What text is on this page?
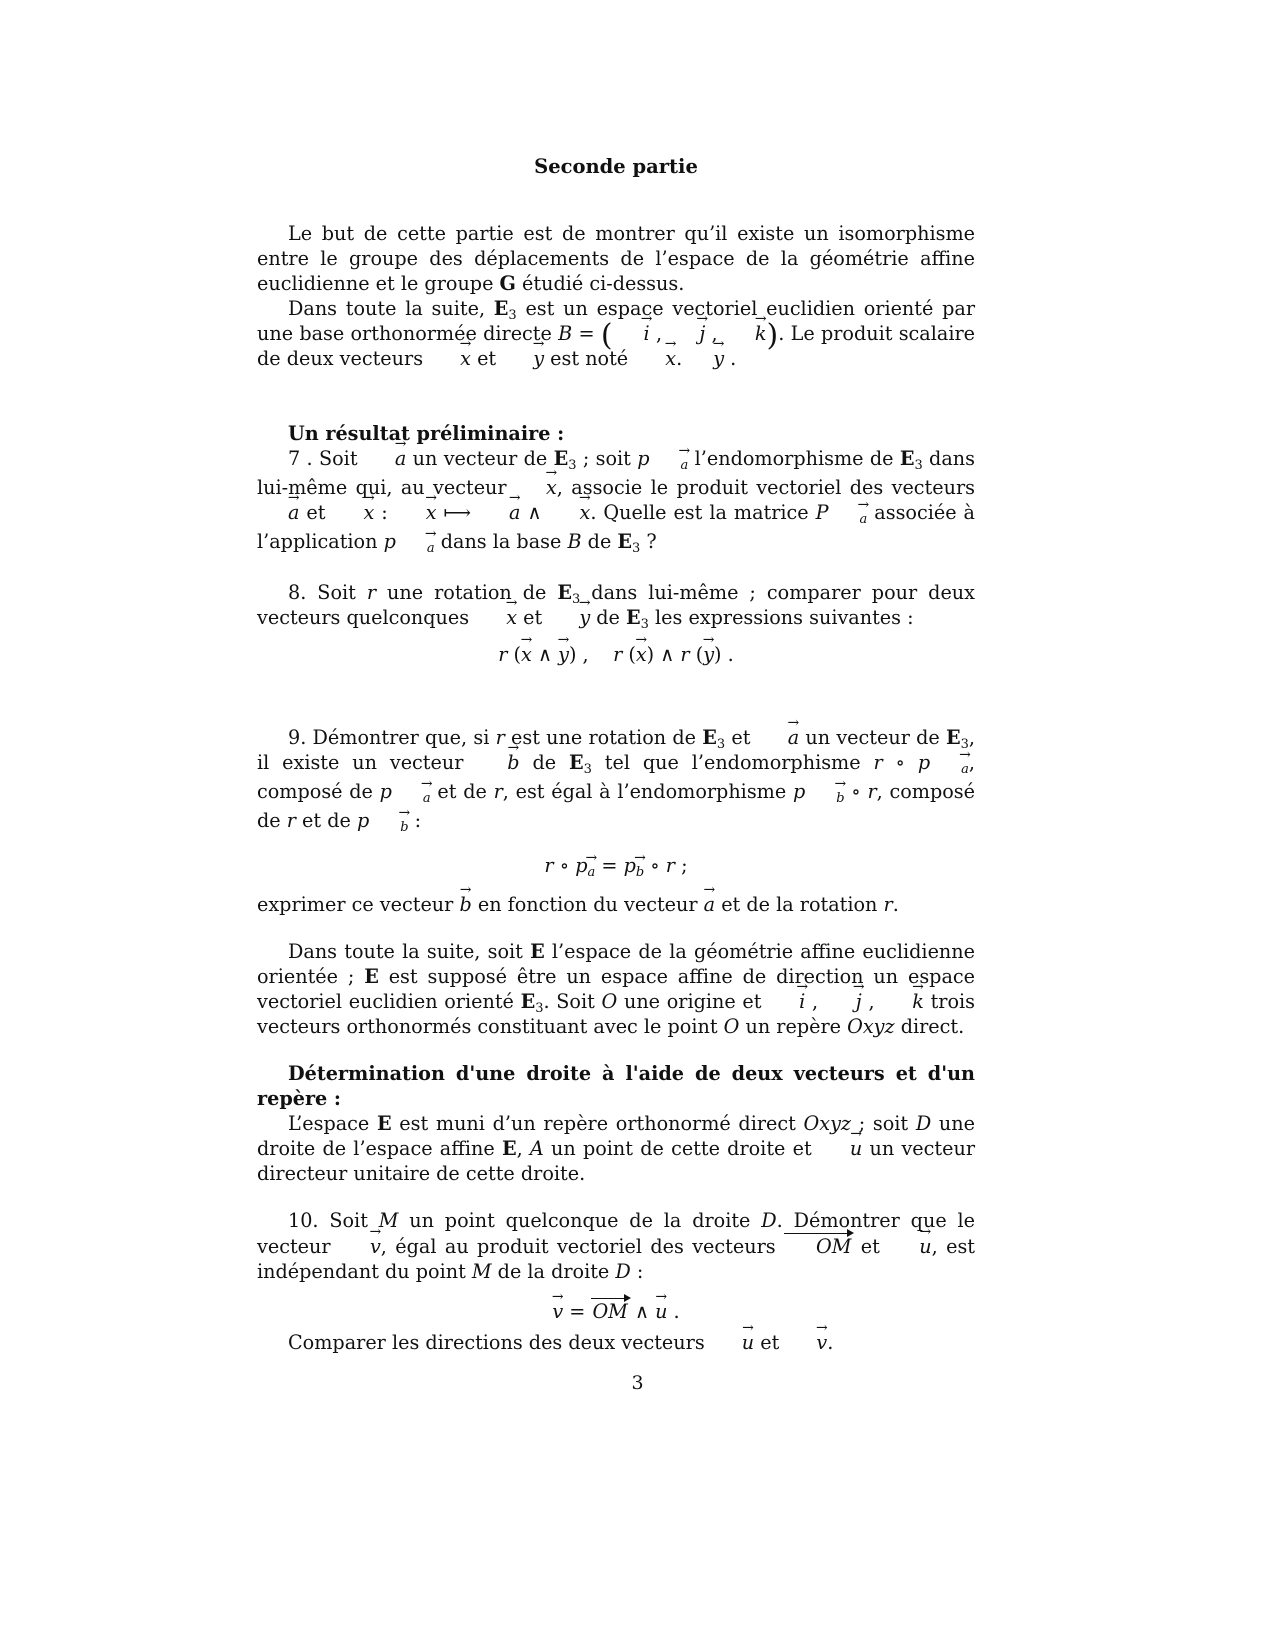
Seconde partie

Le but de cette partie est de montrer qu’il existe un isomorphisme entre le groupe des déplacements de l’espace de la géométrie affine euclidienne et le groupe G étudié ci-dessus.

Dans toute la suite, $E_3$ est un espace vectoriel euclidien orienté par une base orthonormée directe B = ( → i , → j , → k). Le produit scalaire de deux vecteurs → x et → y est noté → x. → y .

Un résultat préliminaire :

7 . Soit → a un vecteur de $E_3$ ; soit p → $_a$ l’endomorphisme de $E_3$ dans lui-même qui, au vecteur → x, associe le produit vectoriel des vecteurs → a et → x : → x ⟼ → a ∧ → x. Quelle est la matrice P → $_a$ associée à l’application p → $_a$ dans la base B de $E_3$ ?

8. Soit r une rotation de $E_3$ dans lui-même ; comparer pour deux vecteurs quelconques → x et → y de $E_3$ les expressions suivantes :

r (→ x ∧ → y) ,    r (→ x) ∧ r (→ y) .

9. Démontrer que, si r est une rotation de $E_3$ et → a un vecteur de $E_3$, il existe un vecteur → b de $E_3$ tel que l’endomorphisme r ∘ p → $_a$, composé de p → $_a$ et de r, est égal à l’endomorphisme p → $_b$ ∘ r, composé de r et de p → $_b$ :

r ∘ p→ $_a$ = p→ $_b$ ∘ r ;

exprimer ce vecteur → b en fonction du vecteur → a et de la rotation r.

Dans toute la suite, soit E l’espace de la géométrie affine euclidienne orientée ; E est supposé être un espace affine de direction un espace vectoriel euclidien orienté $E_3$. Soit O une origine et → i , → j , → k trois vecteurs orthonormés constituant avec le point O un repère Oxyz direct.

Détermination d'une droite à l'aide de deux vecteurs et d'un repère :

L’espace E est muni d’un repère orthonormé direct Oxyz ; soit D une droite de l’espace affine E, A un point de cette droite et → u un vecteur directeur unitaire de cette droite.

10. Soit M un point quelconque de la droite D. Démontrer que le vecteur → v, égal au produit vectoriel des vecteurs OM et → u, est indépendant du point M de la droite D :

→ v = OM ∧ → u .

Comparer les directions des deux vecteurs → u et → v.

3
